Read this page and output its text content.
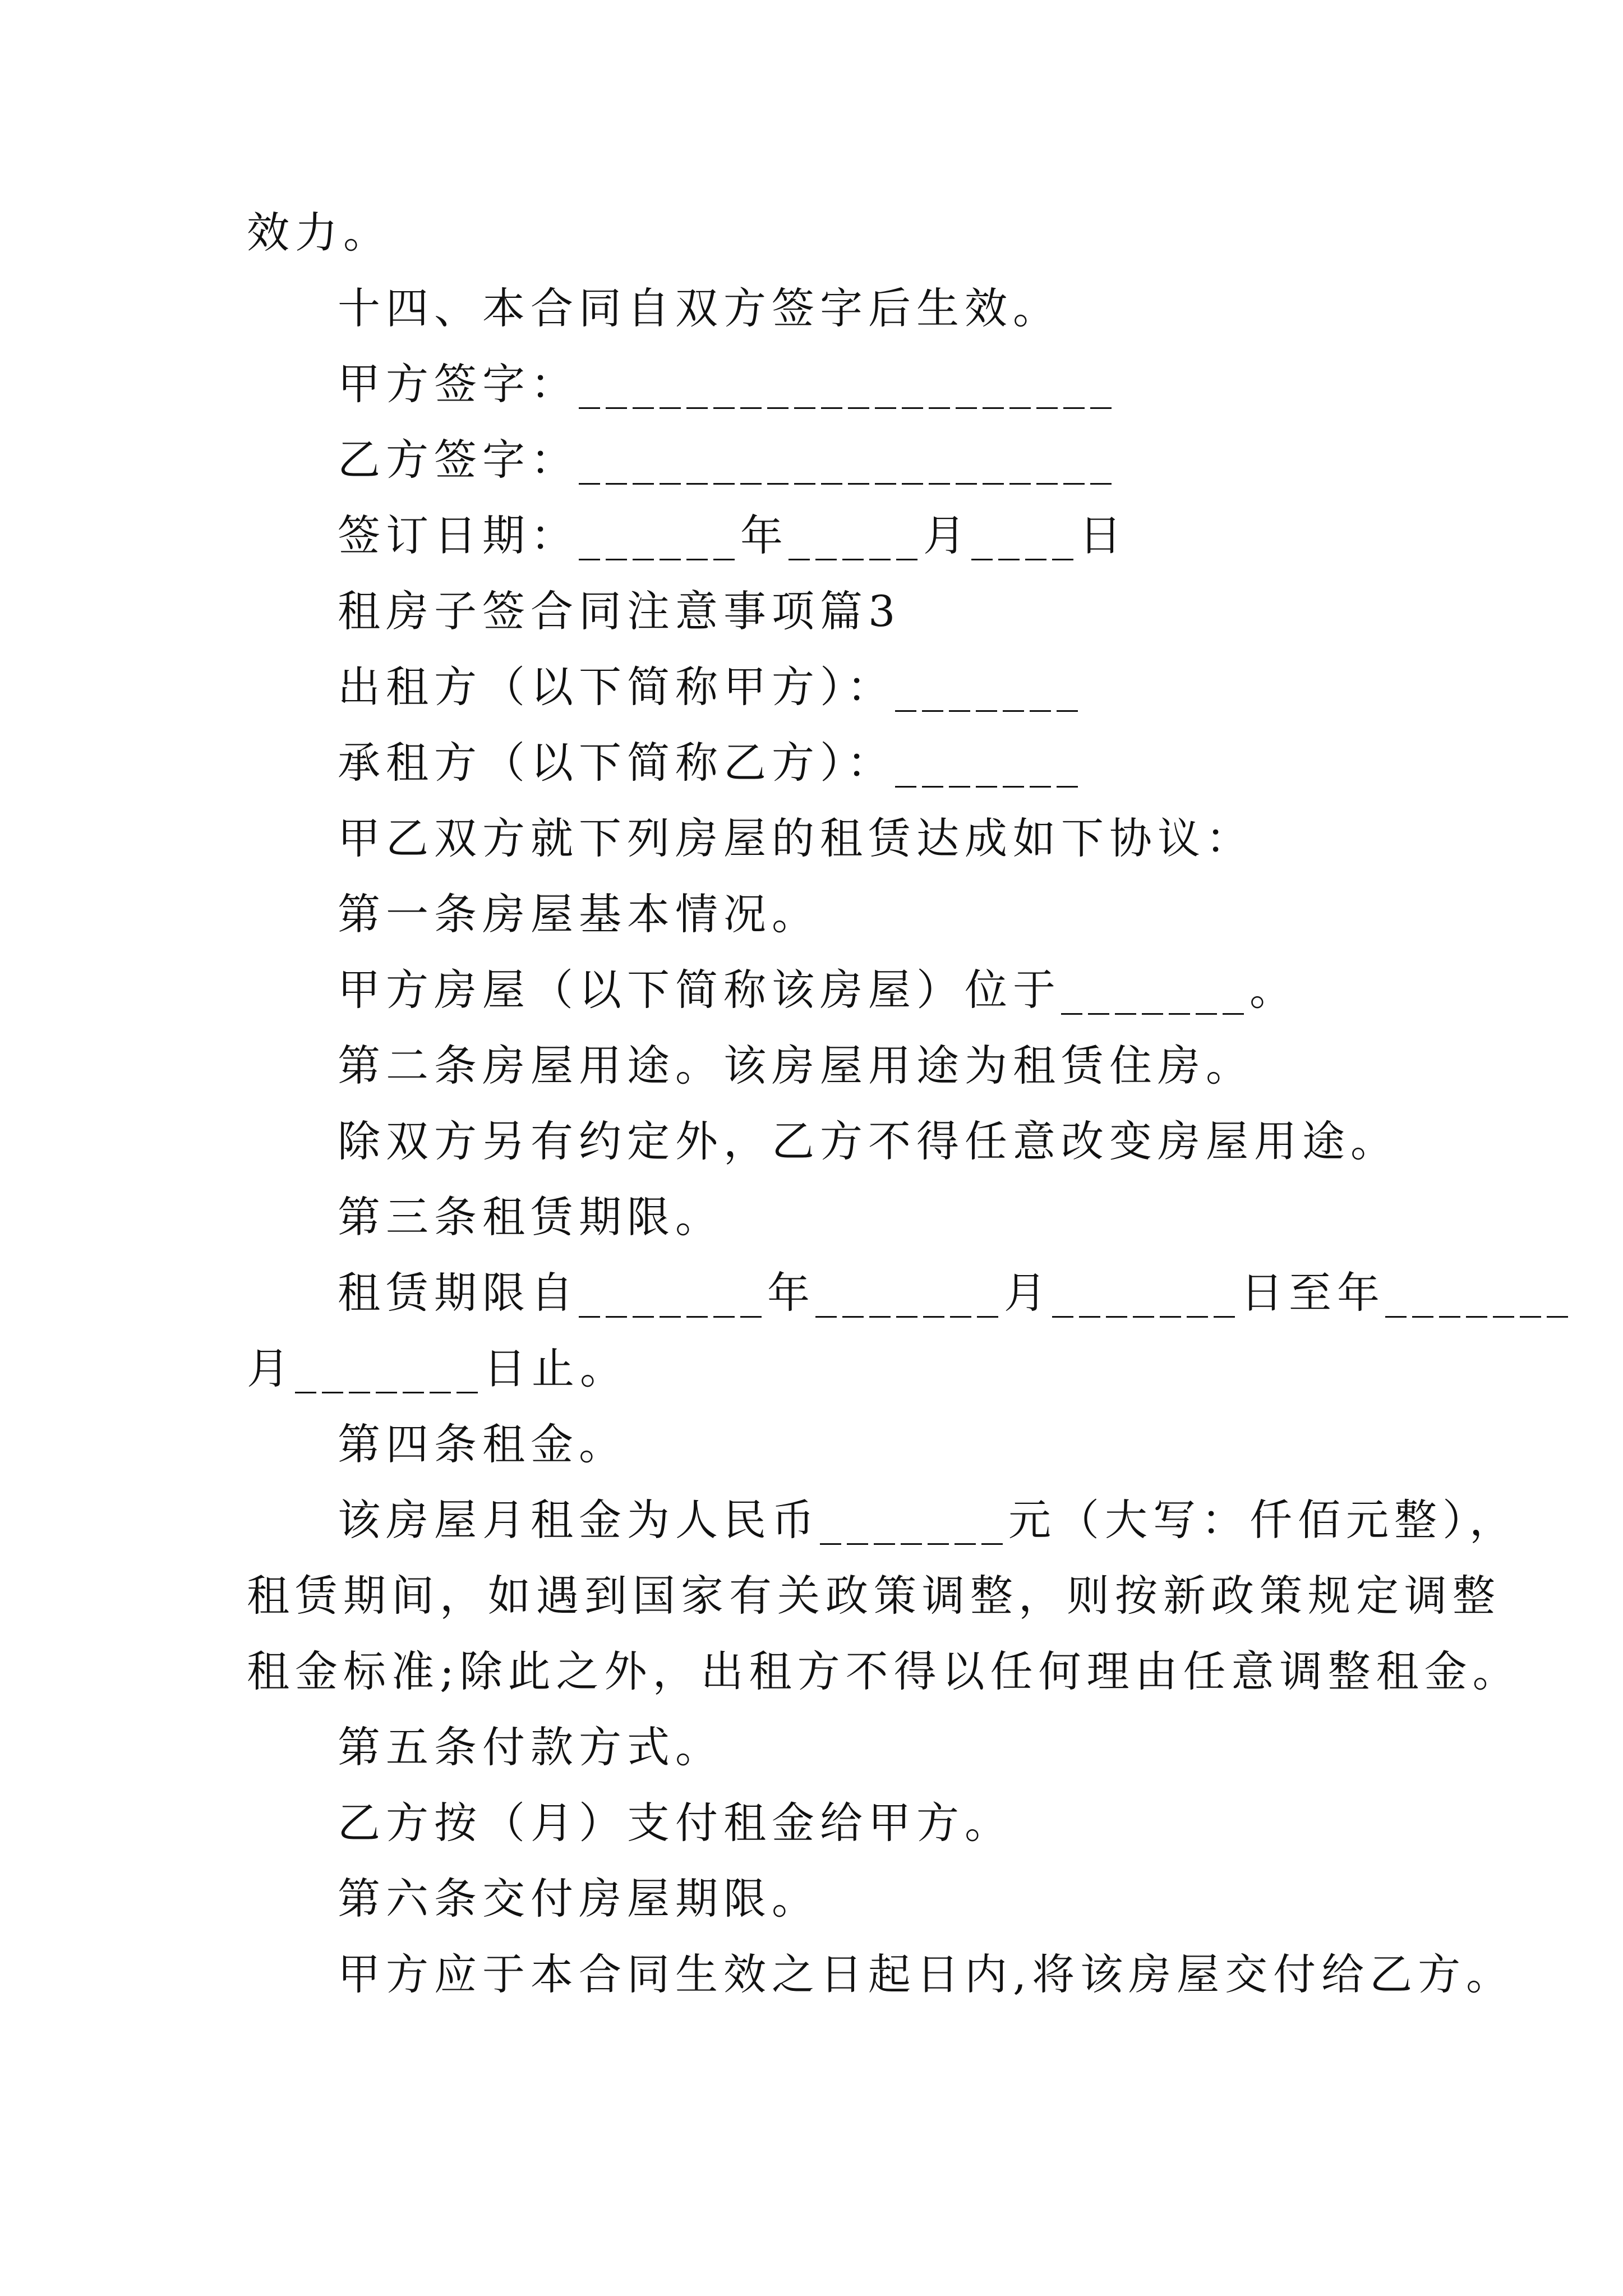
效力。
十四、本合同自双方签字后生效。
甲方签字：____________________
乙方签字：____________________
签订日期：______年_____月____日
租房子签合同注意事项篇3
出租方（以下简称甲方）：_______
承租方（以下简称乙方）：_______
甲乙双方就下列房屋的租赁达成如下协议：
第一条房屋基本情况。
甲方房屋（以下简称该房屋）位于_______。
第二条房屋用途。该房屋用途为租赁住房。
除双方另有约定外，乙方不得任意改变房屋用途。
第三条租赁期限。
租赁期限自_______年_______月_______日至年_______
月_______日止。
第四条租金。
该房屋月租金为人民币_______元（大写：仟佰元整），
租赁期间，如遇到国家有关政策调整，则按新政策规定调整
租金标准;除此之外，出租方不得以任何理由任意调整租金。
第五条付款方式。
乙方按（月）支付租金给甲方。
第六条交付房屋期限。
甲方应于本合同生效之日起日内,将该房屋交付给乙方。
